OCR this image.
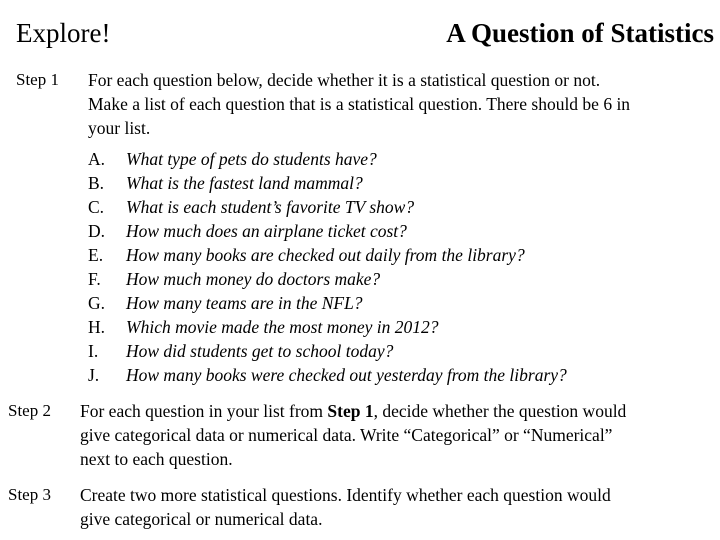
Explore!	A Question of Statistics
Step 1 For each question below, decide whether it is a statistical question or not.
Make a list of each question that is a statistical question. There should be 6 in
your list.
A. What type of pets do students have?
B. What is the fastest land mammal?
C. What is each student’s favorite TV show?
D. How much does an airplane ticket cost?
E. How many books are checked out daily from the library?
F. How much money do doctors make?
G. How many teams are in the NFL?
H. Which movie made the most money in 2012?
I. How did students get to school today?
J. How many books were checked out yesterday from the library?
Step 2 For each question in your list from Step 1, decide whether the question would
give categorical data or numerical data. Write “Categorical” or “Numerical”
next to each question.
Step 3 Create two more statistical questions. Identify whether each question would
give categorical or numerical data.
